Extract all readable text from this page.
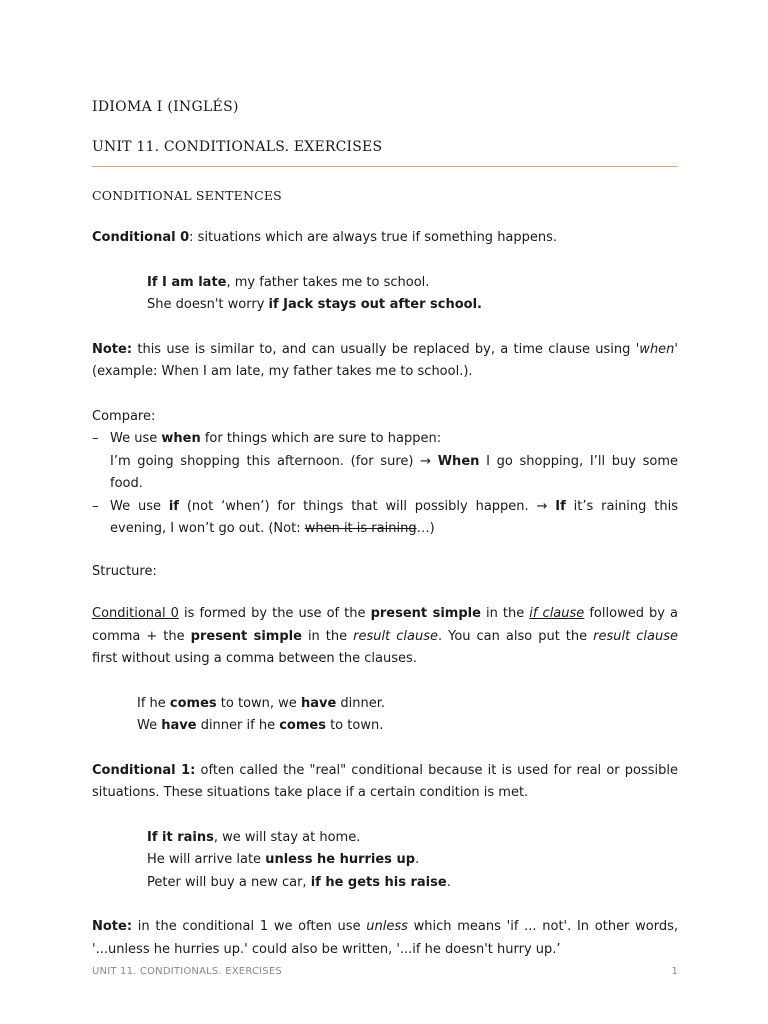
IDIOMA I (INGLÉS)
UNIT 11. CONDITIONALS. EXERCISES
CONDITIONAL SENTENCES

Conditional 0: situations which are always true if something happens.

If I am late, my father takes me to school.

She doesn't worry if Jack stays out after school.

Note: this use is similar to, and can usually be replaced by, a time clause using 'when' (example: When I am late, my father takes me to school.).

Compare:

– We use when for things which are sure to happen:
I’m going shopping this afternoon. (for sure) → When I go shopping, I’ll buy some food.
– We use if (not ‘when’) for things that will possibly happen. → If it’s raining this evening, I won’t go out. (Not: when it is raining…)

Structure:

Conditional 0 is formed by the use of the present simple in the if clause followed by a comma + the present simple in the result clause. You can also put the result clause first without using a comma between the clauses.

If he comes to town, we have dinner.

We have dinner if he comes to town.

Conditional 1: often called the "real" conditional because it is used for real or possible situations. These situations take place if a certain condition is met.

If it rains, we will stay at home.

He will arrive late unless he hurries up.

Peter will buy a new car, if he gets his raise.

Note: in the conditional 1 we often use unless which means 'if ... not'. In other words, '...unless he hurries up.' could also be written, '...if he doesn't hurry up.’

UNIT 11. CONDITIONALS. EXERCISES	1
